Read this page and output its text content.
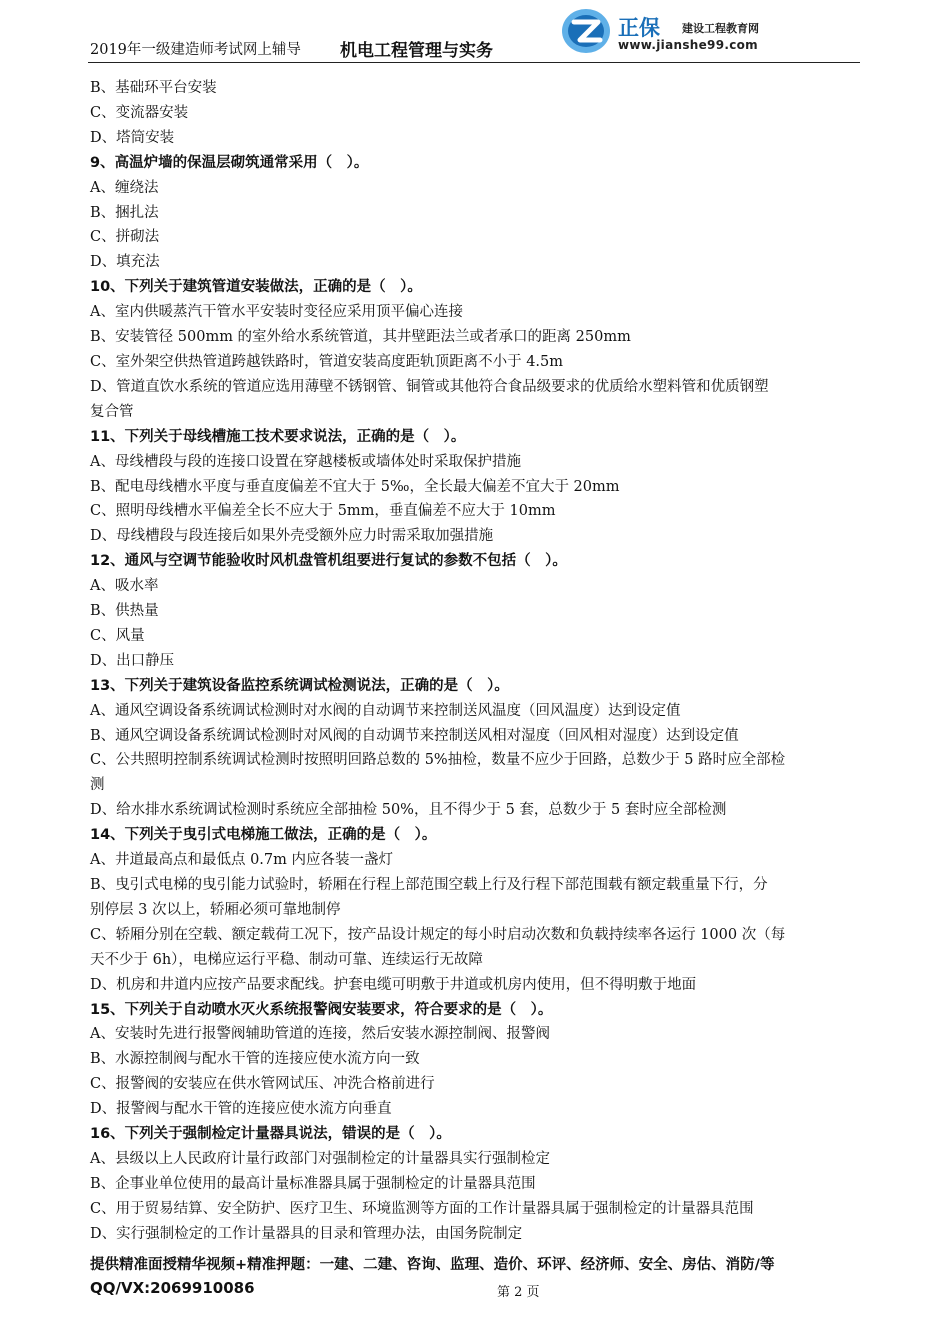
2019年一级建造师考试网上辅导 机电工程管理与实务
正保 建设工程教育网
www.jianshe99.com

B、基础环平台安装

C、变流器安装

D、塔筒安装

9、高温炉墙的保温层砌筑通常采用（　）。

A、缠绕法

B、捆扎法

C、拼砌法

D、填充法

10、下列关于建筑管道安装做法，正确的是（　）。

A、室内供暖蒸汽干管水平安装时变径应采用顶平偏心连接

B、安装管径 500mm 的室外给水系统管道，其井壁距法兰或者承口的距离 250mm

C、室外架空供热管道跨越铁路时，管道安装高度距轨顶距离不小于 4.5m

D、管道直饮水系统的管道应选用薄壁不锈钢管、铜管或其他符合食品级要求的优质给水塑料管和优质钢塑

复合管

11、下列关于母线槽施工技术要求说法，正确的是（　）。

A、母线槽段与段的连接口设置在穿越楼板或墙体处时采取保护措施

B、配电母线槽水平度与垂直度偏差不宜大于 5‰，全长最大偏差不宜大于 20mm

C、照明母线槽水平偏差全长不应大于 5mm，垂直偏差不应大于 10mm

D、母线槽段与段连接后如果外壳受额外应力时需采取加强措施

12、通风与空调节能验收时风机盘管机组要进行复试的参数不包括（　）。

A、吸水率

B、供热量

C、风量

D、出口静压

13、下列关于建筑设备监控系统调试检测说法，正确的是（　）。

A、通风空调设备系统调试检测时对水阀的自动调节来控制送风温度（回风温度）达到设定值

B、通风空调设备系统调试检测时对风阀的自动调节来控制送风相对湿度（回风相对湿度）达到设定值

C、公共照明控制系统调试检测时按照明回路总数的 5%抽检，数量不应少于回路，总数少于 5 路时应全部检

测

D、给水排水系统调试检测时系统应全部抽检 50%，且不得少于 5 套，总数少于 5 套时应全部检测

14、下列关于曳引式电梯施工做法，正确的是（　）。

A、井道最高点和最低点 0.7m 内应各装一盏灯

B、曳引式电梯的曳引能力试验时，轿厢在行程上部范围空载上行及行程下部范围载有额定载重量下行，分

别停层 3 次以上，轿厢必须可靠地制停

C、轿厢分别在空载、额定载荷工况下，按产品设计规定的每小时启动次数和负载持续率各运行 1000 次（每

天不少于 6h），电梯应运行平稳、制动可靠、连续运行无故障

D、机房和井道内应按产品要求配线。护套电缆可明敷于井道或机房内使用，但不得明敷于地面

15、下列关于自动喷水灭火系统报警阀安装要求，符合要求的是（　）。

A、安装时先进行报警阀辅助管道的连接，然后安装水源控制阀、报警阀

B、水源控制阀与配水干管的连接应使水流方向一致

C、报警阀的安装应在供水管网试压、冲洗合格前进行

D、报警阀与配水干管的连接应使水流方向垂直

16、下列关于强制检定计量器具说法，错误的是（　）。

A、县级以上人民政府计量行政部门对强制检定的计量器具实行强制检定

B、企事业单位使用的最高计量标准器具属于强制检定的计量器具范围

C、用于贸易结算、安全防护、医疗卫生、环境监测等方面的工作计量器具属于强制检定的计量器具范围

D、实行强制检定的工作计量器具的目录和管理办法，由国务院制定

提供精准面授精华视频+精准押题：一建、二建、咨询、监理、造价、环评、经济师、安全、房估、消防/等
QQ/VX:2069910086	第 2 页
